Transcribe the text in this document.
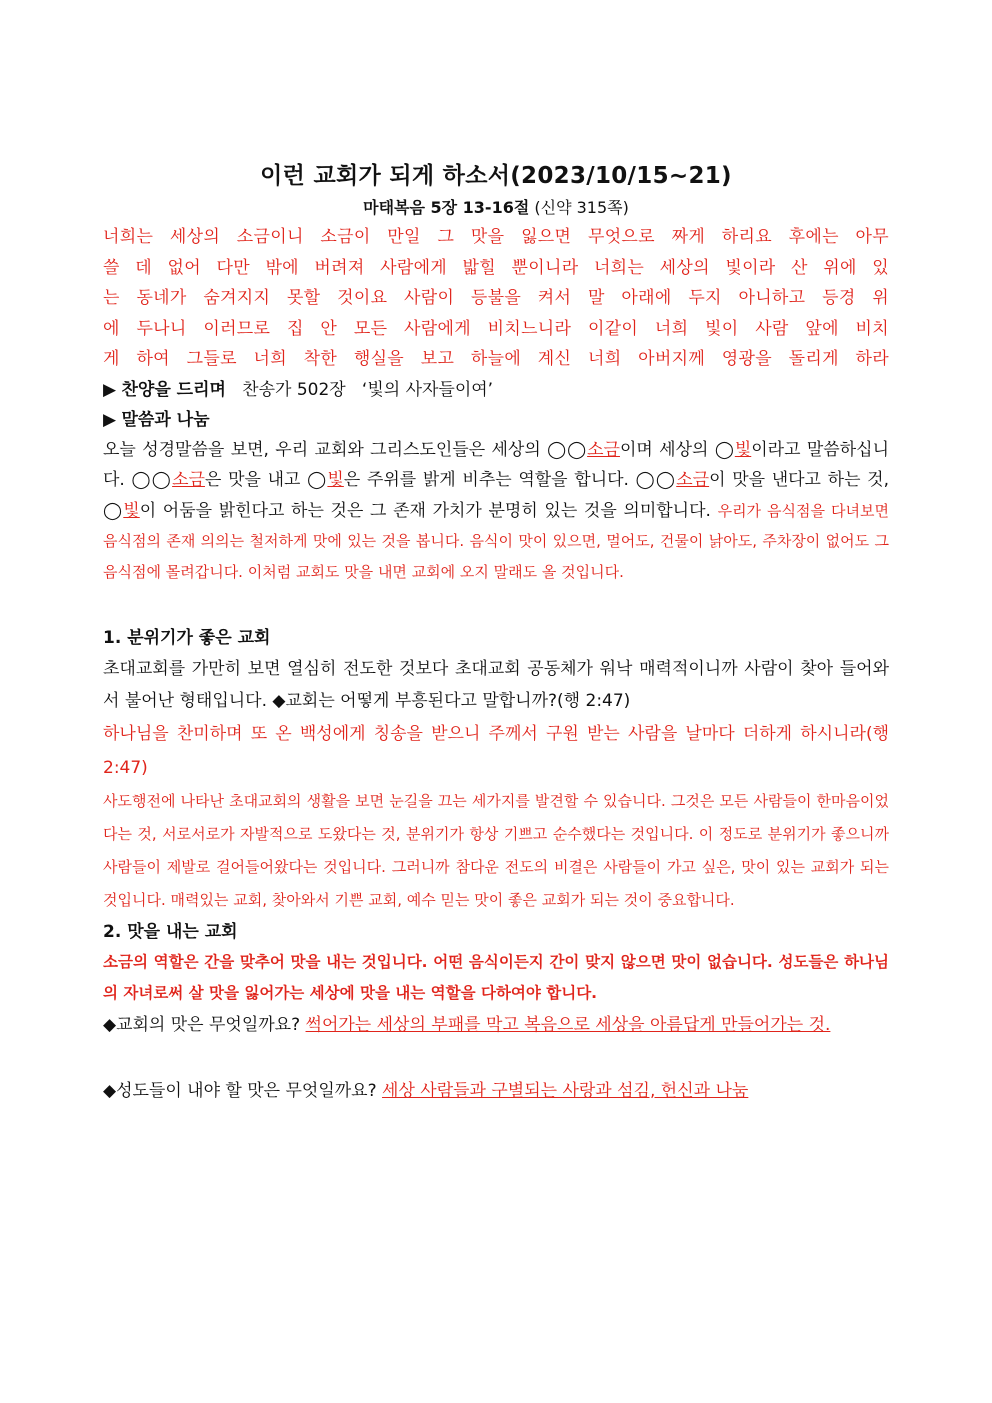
이런 교회가 되게 하소서(2023/10/15~21)
마태복음 5장 13-16절 (신약 315쪽)
너희는 세상의 소금이니 소금이 만일 그 맛을 잃으면 무엇으로 짜게 하리요 후에는 아무
쓸 데 없어 다만 밖에 버려져 사람에게 밟힐 뿐이니라 너희는 세상의 빛이라 산 위에 있
는 동네가 숨겨지지 못할 것이요 사람이 등불을 켜서 말 아래에 두지 아니하고 등경 위
에 두나니 이러므로 집 안 모든 사람에게 비치느니라 이같이 너희 빛이 사람 앞에 비치
게 하여 그들로 너희 착한 행실을 보고 하늘에 계신 너희 아버지께 영광을 돌리게 하라
▶ 찬양을 드리며 찬송가 502장 ‘빛의 사자들이여’
▶ 말씀과 나눔

오늘 성경말씀을 보면, 우리 교회와 그리스도인들은 세상의 ◯◯소금이며 세상의 ◯빛이라고 말씀하십니다. ◯◯소금은 맛을 내고 ◯빛은 주위를 밝게 비추는 역할을 합니다. ◯◯소금이 맛을 낸다고 하는 것, ◯빛이 어둠을 밝힌다고 하는 것은 그 존재 가치가 분명히 있는 것을 의미합니다. 우리가 음식점을 다녀보면 음식점의 존재 의의는 철저하게 맛에 있는 것을 봅니다. 음식이 맛이 있으면, 멀어도, 건물이 낡아도, 주차장이 없어도 그 음식점에 몰려갑니다. 이처럼 교회도 맛을 내면 교회에 오지 말래도 올 것입니다.

1. 분위기가 좋은 교회

초대교회를 가만히 보면 열심히 전도한 것보다 초대교회 공동체가 워낙 매력적이니까 사람이 찾아 들어와서 불어난 형태입니다. ◆교회는 어떻게 부흥된다고 말합니까?(행 2:47)

하나님을 찬미하며 또 온 백성에게 칭송을 받으니 주께서 구원 받는 사람을 날마다 더하게 하시니라(행 2:47)

사도행전에 나타난 초대교회의 생활을 보면 눈길을 끄는 세가지를 발견할 수 있습니다. 그것은 모든 사람들이 한마음이었다는 것, 서로서로가 자발적으로 도왔다는 것, 분위기가 항상 기쁘고 순수했다는 것입니다. 이 정도로 분위기가 좋으니까 사람들이 제발로 걸어들어왔다는 것입니다. 그러니까 참다운 전도의 비결은 사람들이 가고 싶은, 맛이 있는 교회가 되는 것입니다. 매력있는 교회, 찾아와서 기쁜 교회, 예수 믿는 맛이 좋은 교회가 되는 것이 중요합니다.

2. 맛을 내는 교회

소금의 역할은 간을 맞추어 맛을 내는 것입니다. 어떤 음식이든지 간이 맞지 않으면 맛이 없습니다. 성도들은 하나님의 자녀로써 살 맛을 잃어가는 세상에 맛을 내는 역할을 다하여야 합니다.

◆교회의 맛은 무엇일까요? 썩어가는 세상의 부패를 막고 복음으로 세상을 아름답게 만들어가는 것.

◆성도들이 내야 할 맛은 무엇일까요? 세상 사람들과 구별되는 사랑과 섬김, 헌신과 나눔
